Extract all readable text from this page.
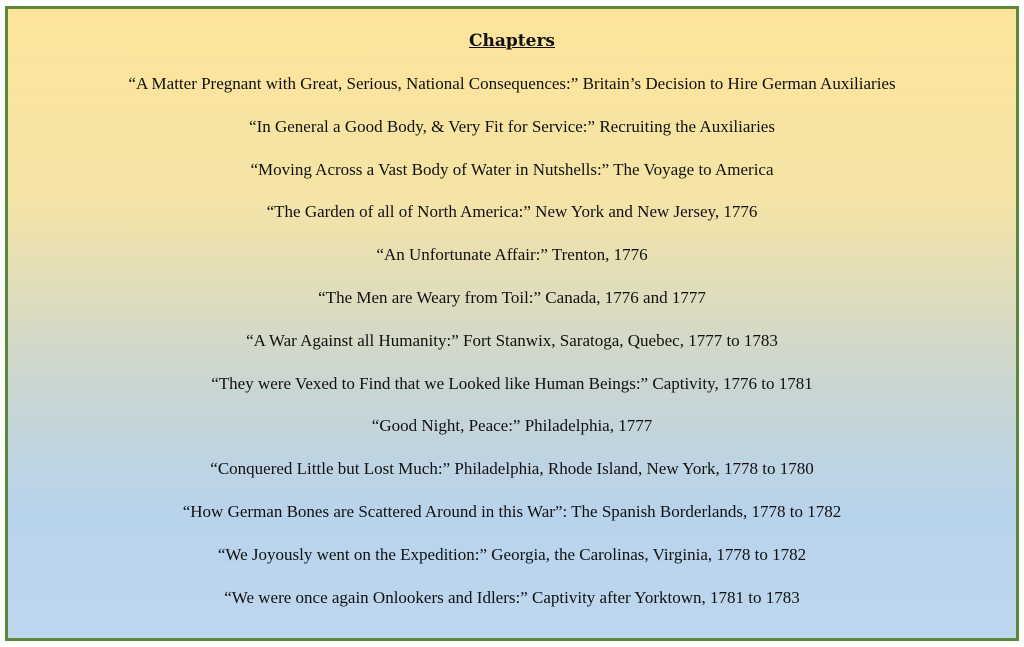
Chapters
“A Matter Pregnant with Great, Serious, National Consequences:” Britain’s Decision to Hire German Auxiliaries
“In General a Good Body, & Very Fit for Service:” Recruiting the Auxiliaries
“Moving Across a Vast Body of Water in Nutshells:” The Voyage to America
“The Garden of all of North America:” New York and New Jersey, 1776
“An Unfortunate Affair:” Trenton, 1776
“The Men are Weary from Toil:” Canada, 1776 and 1777
“A War Against all Humanity:” Fort Stanwix, Saratoga, Quebec, 1777 to 1783
“They were Vexed to Find that we Looked like Human Beings:” Captivity, 1776 to 1781
“Good Night, Peace:” Philadelphia, 1777
“Conquered Little but Lost Much:” Philadelphia, Rhode Island, New York, 1778 to 1780
“How German Bones are Scattered Around in this War”: The Spanish Borderlands, 1778 to 1782
“We Joyously went on the Expedition:” Georgia, the Carolinas, Virginia, 1778 to 1782
“We were once again Onlookers and Idlers:” Captivity after Yorktown, 1781 to 1783
